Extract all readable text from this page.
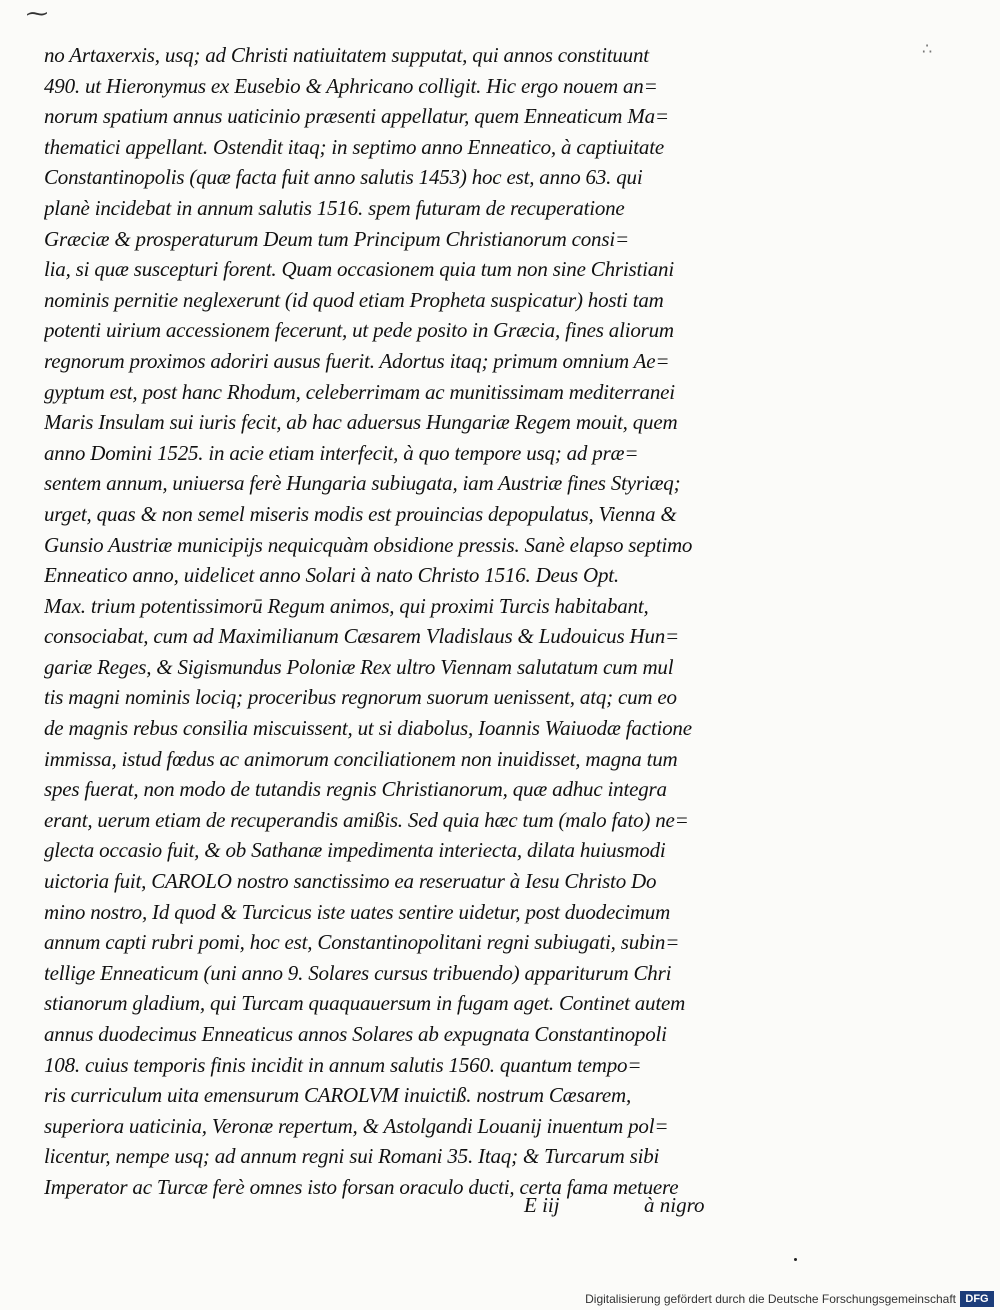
⁓
∴
no Artaxerxis, usq; ad Christi natiuitatem supputat, qui annos constituunt
490. ut Hieronymus ex Eusebio & Aphricano colligit. Hic ergo nouem an=
norum spatium annus uaticinio præsenti appellatur, quem Enneaticum Ma=
thematici appellant. Ostendit itaq; in septimo anno Enneatico, à captiuitate
Constantinopolis (quæ facta fuit anno salutis 1453) hoc est, anno 63. qui
planè incidebat in annum salutis 1516. spem futuram de recuperatione
Græciæ & prosperaturum Deum tum Principum Christianorum consi=
lia, si quæ suscepturi forent. Quam occasionem quia tum non sine Christiani
nominis pernitie neglexerunt (id quod etiam Propheta suspicatur) hosti tam
potenti uirium accessionem fecerunt, ut pede posito in Græcia, fines aliorum
regnorum proximos adoriri ausus fuerit. Adortus itaq; primum omnium Ae=
gyptum est, post hanc Rhodum, celeberrimam ac munitissimam mediterranei
Maris Insulam sui iuris fecit, ab hac aduersus Hungariæ Regem mouit, quem
anno Domini 1525. in acie etiam interfecit, à quo tempore usq; ad præ=
sentem annum, uniuersa ferè Hungaria subiugata, iam Austriæ fines Styriæq;
urget, quas & non semel miseris modis est prouincias depopulatus, Vienna &
Gunsio Austriæ municipijs nequicquàm obsidione pressis. Sanè elapso septimo
Enneatico anno, uidelicet anno Solari à nato Christo 1516. Deus Opt.
Max. trium potentissimorū Regum animos, qui proximi Turcis habitabant,
consociabat, cum ad Maximilianum Cæsarem Vladislaus & Ludouicus Hun=
gariæ Reges, & Sigismundus Poloniæ Rex ultro Viennam salutatum cum mul
tis magni nominis lociq; proceribus regnorum suorum uenissent, atq; cum eo
de magnis rebus consilia miscuissent, ut si diabolus, Ioannis Waiuodæ factione
immissa, istud fœdus ac animorum conciliationem non inuidisset, magna tum
spes fuerat, non modo de tutandis regnis Christianorum, quæ adhuc integra
erant, uerum etiam de recuperandis amißis. Sed quia hæc tum (malo fato) ne=
glecta occasio fuit, & ob Sathanæ impedimenta interiecta, dilata huiusmodi
uictoria fuit, CAROLO nostro sanctissimo ea reseruatur à Iesu Christo Do
mino nostro, Id quod & Turcicus iste uates sentire uidetur, post duodecimum
annum capti rubri pomi, hoc est, Constantinopolitani regni subiugati, subin=
tellige Enneaticum (uni anno 9. Solares cursus tribuendo) appariturum Chri
stianorum gladium, qui Turcam quaquauersum in fugam aget. Continet autem
annus duodecimus Enneaticus annos Solares ab expugnata Constantinopoli
108. cuius temporis finis incidit in annum salutis 1560. quantum tempo=
ris curriculum uita emensurum CAROLVM inuictiß. nostrum Cæsarem,
superiora uaticinia, Veronæ repertum, & Astolgandi Louanij inuentum pol=
licentur, nempe usq; ad annum regni sui Romani 35. Itaq; & Turcarum sibi
Imperator ac Turcæ ferè omnes isto forsan oraculo ducti, certa fama metuere
E iij	à nigro
Digitalisierung gefördert durch die Deutsche Forschungsgemeinschaft DFG
